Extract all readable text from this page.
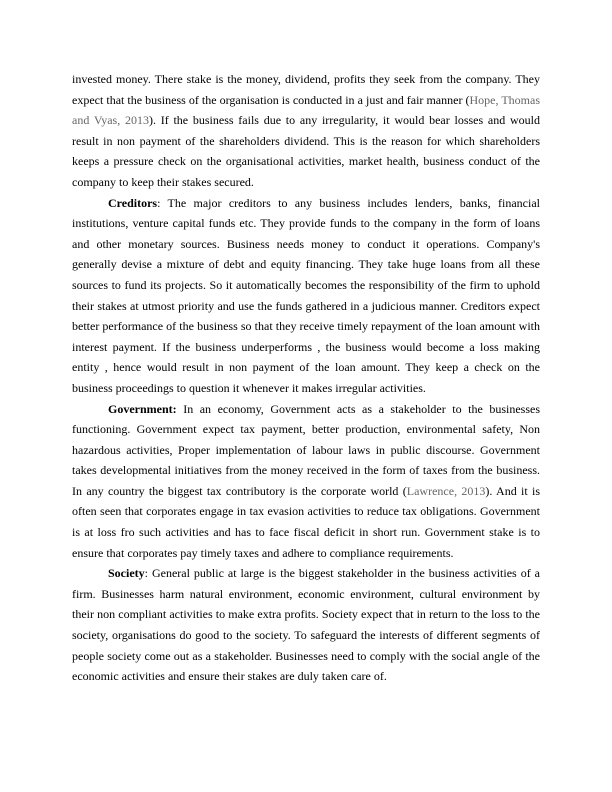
invested money. There stake is the money, dividend, profits they seek from the company. They expect that the business of the organisation is conducted in a just and fair manner (Hope, Thomas and Vyas, 2013). If the business fails due to any irregularity, it would bear losses and would result in non payment of the shareholders dividend. This is the reason for which shareholders keeps a pressure check on the organisational activities, market health, business conduct of the company to keep their stakes secured.

Creditors: The major creditors to any business includes lenders, banks, financial institutions, venture capital funds etc. They provide funds to the company in the form of loans and other monetary sources. Business needs money to conduct it operations. Company's generally devise a mixture of debt and equity financing. They take huge loans from all these sources to fund its projects. So it automatically becomes the responsibility of the firm to uphold their stakes at utmost priority and use the funds gathered in a judicious manner. Creditors expect better performance of the business so that they receive timely repayment of the loan amount with interest payment. If the business underperforms , the business would become a loss making entity , hence would result in non payment of the loan amount. They keep a check on the business proceedings to question it whenever it makes irregular activities.

Government: In an economy, Government acts as a stakeholder to the businesses functioning. Government expect tax payment, better production, environmental safety, Non hazardous activities, Proper implementation of labour laws in public discourse. Government takes developmental initiatives from the money received in the form of taxes from the business. In any country the biggest tax contributory is the corporate world (Lawrence, 2013). And it is often seen that corporates engage in tax evasion activities to reduce tax obligations. Government is at loss fro such activities and has to face fiscal deficit in short run. Government stake is to ensure that corporates pay timely taxes and adhere to compliance requirements.

Society: General public at large is the biggest stakeholder in the business activities of a firm. Businesses harm natural environment, economic environment, cultural environment by their non compliant activities to make extra profits. Society expect that in return to the loss to the society, organisations do good to the society. To safeguard the interests of different segments of people society come out as a stakeholder. Businesses need to comply with the social angle of the economic activities and ensure their stakes are duly taken care of.
